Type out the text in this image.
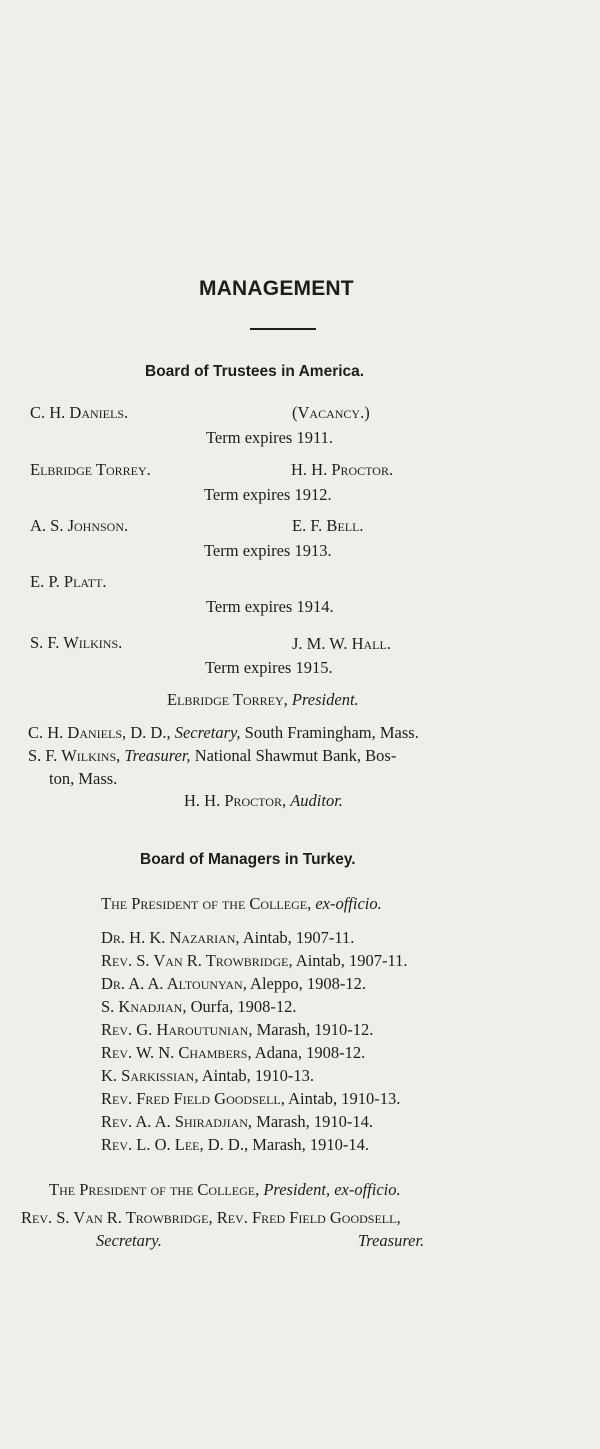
MANAGEMENT
Board of Trustees in America.
C. H. Daniels.	(Vacancy.)
Term expires 1911.
Elbridge Torrey.	H. H. Proctor.
Term expires 1912.
A. S. Johnson.	E. F. Bell.
Term expires 1913.
E. P. Platt.
Term expires 1914.
S. F. Wilkins.	J. M. W. Hall.
Term expires 1915.
Elbridge Torrey, President.
C. H. Daniels, D. D., Secretary, South Framingham, Mass.
S. F. Wilkins, Treasurer, National Shawmut Bank, Bos-
ton, Mass.
H. H. Proctor, Auditor.
Board of Managers in Turkey.
The President of the College, ex-officio.
Dr. H. K. Nazarian, Aintab, 1907-11.
Rev. S. Van R. Trowbridge, Aintab, 1907-11.
Dr. A. A. Altounyan, Aleppo, 1908-12.
S. Knadjian, Ourfa, 1908-12.
Rev. G. Haroutunian, Marash, 1910-12.
Rev. W. N. Chambers, Adana, 1908-12.
K. Sarkissian, Aintab, 1910-13.
Rev. Fred Field Goodsell, Aintab, 1910-13.
Rev. A. A. Shiradjian, Marash, 1910-14.
Rev. L. O. Lee, D. D., Marash, 1910-14.
The President of the College, President, ex-officio.
Rev. S. Van R. Trowbridge, Rev. Fred Field Goodsell,
Secretary.	Treasurer.
